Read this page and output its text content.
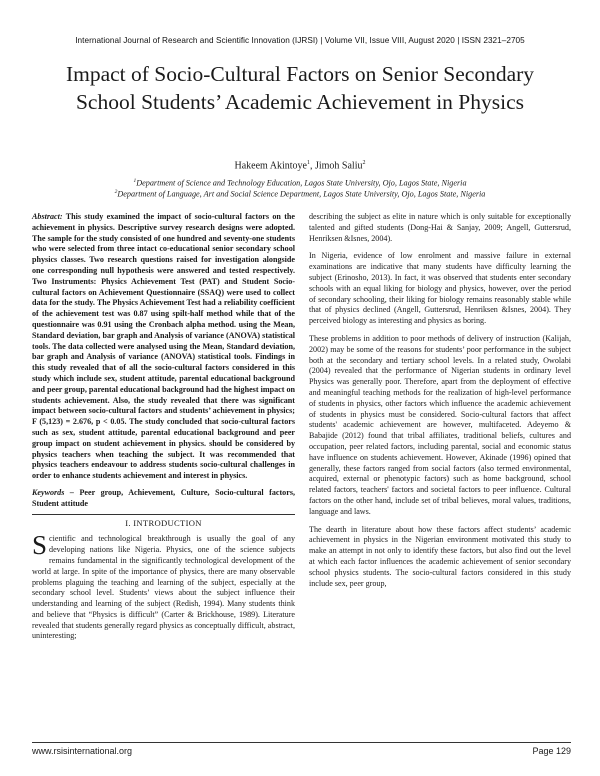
International Journal of Research and Scientific Innovation (IJRSI) | Volume VII, Issue VIII, August 2020 | ISSN 2321–2705
Impact of Socio-Cultural Factors on Senior Secondary School Students’ Academic Achievement in Physics
Hakeem Akintoye$^1$, Jimoh Saliu$^2$
$^1$Department of Science and Technology Education, Lagos State University, Ojo, Lagos State, Nigeria
$^2$Department of Language, Art and Social Science Department, Lagos State University, Ojo, Lagos State, Nigeria

Abstract: This study examined the impact of socio-cultural factors on the achievement in physics. Descriptive survey research designs were adopted. The sample for the study consisted of one hundred and seventy-one students who were selected from three intact co-educational senior secondary school physics classes. Two research questions raised for investigation alongside one corresponding null hypothesis were answered and tested respectively. Two Instruments: Physics Achievement Test (PAT) and Student Socio-cultural factors on Achievement Questionnaire (SSAQ) were used to collect data for the study. The Physics Achievement Test had a reliability coefficient of the achievement test was 0.87 using spilt-half method while that of the questionnaire was 0.91 using the Cronbach alpha method. using the Mean, Standard deviation, bar graph and Analysis of variance (ANOVA) statistical tools. The data collected were analysed using the Mean, Standard deviation, bar graph and Analysis of variance (ANOVA) statistical tools. Findings in this study revealed that of all the socio-cultural factors considered in this study which include sex, student attitude, parental educational background and peer group, parental educational background had the highest impact on students achievement. Also, the study revealed that there was significant impact between socio-cultural factors and students’ achievement in physics; F (5,123) = 2.676, p < 0.05. The study concluded that socio-cultural factors such as sex, student attitude, parental educational background and peer group impact on student achievement in physics. should be considered by physics teachers when teaching the subject. It was recommended that physics teachers endeavour to address students socio-cultural challenges in order to enhance students achievement and interest in physics.

Keywords – Peer group, Achievement, Culture, Socio-cultural factors, Student attitude

I. INTRODUCTION

Scientific and technological breakthrough is usually the goal of any developing nations like Nigeria. Physics, one of the science subjects remains fundamental in the significantly technological development of the world at large. In spite of the importance of physics, there are many observable problems plaguing the teaching and learning of the subject, especially at the secondary school level. Students’ views about the subject influence their understanding and learning of the subject (Redish, 1994). Many students think and believe that “Physics is difficult” (Carter & Brickhouse, 1989). Literature revealed that students generally regard physics as conceptually difficult, abstract, uninteresting;

describing the subject as elite in nature which is only suitable for exceptionally talented and gifted students (Dong-Hai & Sanjay, 2009; Angell, Guttersrud, Henriksen &Isnes, 2004).

In Nigeria, evidence of low enrolment and massive failure in external examinations are indicative that many students have difficulty learning the subject (Erinosho, 2013). In fact, it was observed that students enter secondary schools with an equal liking for biology and physics, however, over the period of secondary schooling, their liking for biology remains reasonably stable while that of physics declined (Angell, Guttersrud, Henriksen &Isnes, 2004). They perceived biology as interesting and physics as boring.

These problems in addition to poor methods of delivery of instruction (Kalijah, 2002) may be some of the reasons for students’ poor performance in the subject both at the secondary and tertiary school levels. In a related study, Owolabi (2004) revealed that the performance of Nigerian students in ordinary level Physics was generally poor. Therefore, apart from the deployment of effective and meaningful teaching methods for the realization of high-level performance of students in physics, other factors which influence the academic achievement of students in physics must be considered. Socio-cultural factors that affect students' academic achievement are however, multifaceted. Adeyemo & Babajide (2012) found that tribal affiliates, traditional beliefs, cultures and occupation, peer related factors, including parental, social and economic status have influence on students achievement. However, Akinade (1996) opined that generally, these factors ranged from social factors (also termed environmental, acquired, external or phenotypic factors) such as home background, school related factors, teachers' factors and societal factors to peer influence. Cultural factors on the other hand, include set of tribal believes, moral values, traditions, language and laws.

The dearth in literature about how these factors affect students’ academic achievement in physics in the Nigerian environment motivated this study to make an attempt in not only to identify these factors, but also find out the level at which each factor influences the academic achievement of senior secondary school physics students. The socio-cultural factors considered in this study include sex, peer group,

www.rsisinternational.org	Page 129
